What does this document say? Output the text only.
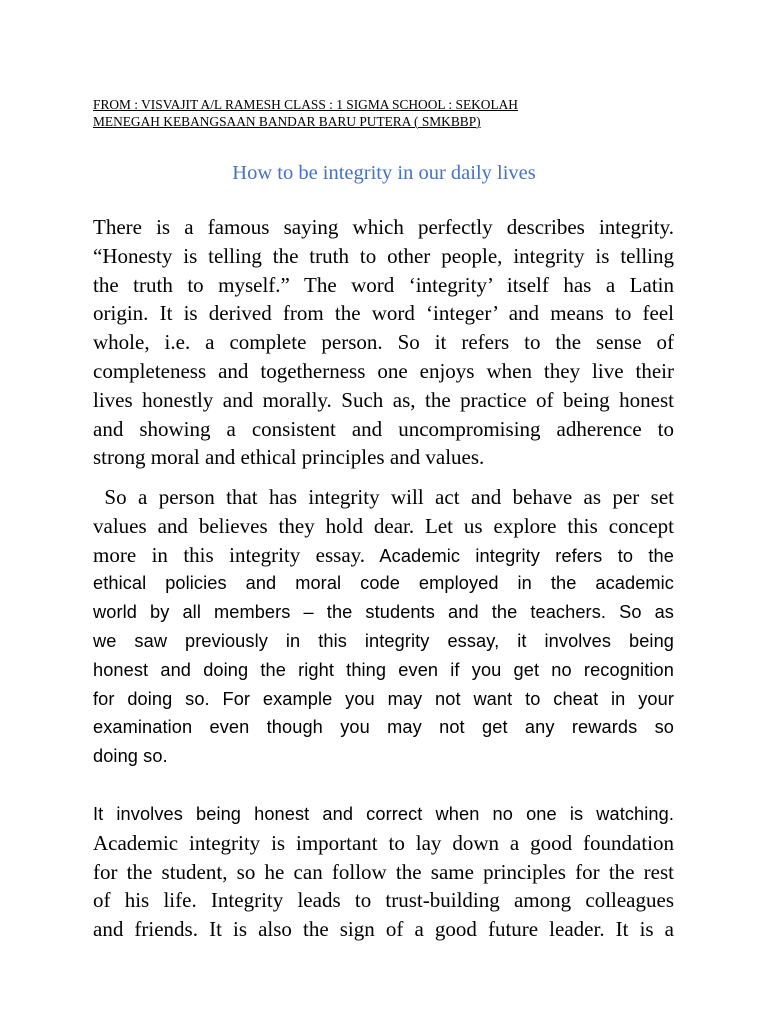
FROM : VISVAJIT A/L RAMESH CLASS : 1 SIGMA SCHOOL : SEKOLAH
MENEGAH KEBANGSAAN BANDAR BARU PUTERA ( SMKBBP)
How to be integrity in our daily lives
There is a famous saying which perfectly describes integrity.
“Honesty is telling the truth to other people, integrity is telling
the truth to myself.” The word ‘integrity’ itself has a Latin
origin. It is derived from the word ‘integer’ and means to feel
whole, i.e. a complete person. So it refers to the sense of
completeness and togetherness one enjoys when they live their
lives honestly and morally. Such as, the practice of being honest
and showing a consistent and uncompromising adherence to
strong moral and ethical principles and values.
So a person that has integrity will act and behave as per set
values and believes they hold dear. Let us explore this concept
more in this integrity essay. Academic integrity refers to the
ethical policies and moral code employed in the academic
world by all members – the students and the teachers. So as
we saw previously in this integrity essay, it involves being
honest and doing the right thing even if you get no recognition
for doing so. For example you may not want to cheat in your
examination even though you may not get any rewards so
doing so.
It involves being honest and correct when no one is watching.
Academic integrity is important to lay down a good foundation
for the student, so he can follow the same principles for the rest
of his life. Integrity leads to trust-building among colleagues
and friends. It is also the sign of a good future leader. It is a
